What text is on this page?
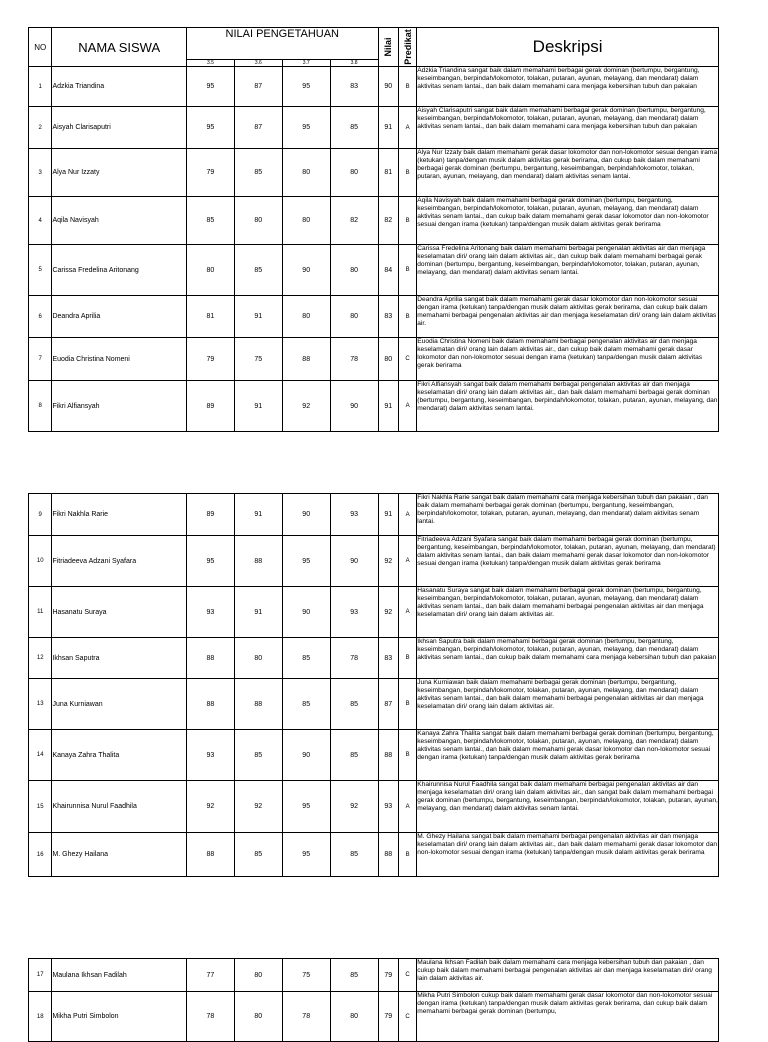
NO	NAMA SISWA	NILAI PENGETAHUAN				Nilai	Predikat	Deskripsi
		3.5	3.6	3.7	3.8			
1	Adzkia Triandina	95	87	95	83	90	B	Adzkia Triandina sangat baik dalam memahami berbagai gerak dominan (bertumpu, bergantung, keseimbangan, berpindah/lokomotor, tolakan, putaran, ayunan, melayang, dan mendarat) dalam aktivitas senam lantai., dan baik dalam memahami cara menjaga kebersihan tubuh dan pakaian
2	Aisyah Clarisaputri	95	87	95	85	91	A	Aisyah Clarisaputri sangat baik dalam memahami berbagai gerak dominan (bertumpu, bergantung, keseimbangan, berpindah/lokomotor, tolakan, putaran, ayunan, melayang, dan mendarat) dalam aktivitas senam lantai., dan baik dalam memahami cara menjaga kebersihan tubuh dan pakaian
3	Alya Nur Izzaty	79	85	80	80	81	B	Alya Nur Izzaty baik dalam memahami gerak dasar lokomotor dan non-lokomotor sesuai dengan irama (ketukan) tanpa/dengan musik dalam aktivitas gerak berirama, dan cukup baik dalam memahami berbagai gerak dominan (bertumpu, bergantung, keseimbangan, berpindah/lokomotor, tolakan, putaran, ayunan, melayang, dan mendarat) dalam aktivitas senam lantai.
4	Aqila Navisyah	85	80	80	82	82	B	Aqila Navisyah baik dalam memahami berbagai gerak dominan (bertumpu, bergantung, keseimbangan, berpindah/lokomotor, tolakan, putaran, ayunan, melayang, dan mendarat) dalam aktivitas senam lantai., dan cukup baik dalam memahami gerak dasar lokomotor dan non-lokomotor sesuai dengan irama (ketukan) tanpa/dengan musik dalam aktivitas gerak berirama
5	Carissa Fredelina Aritonang	80	85	90	80	84	B	Carissa Fredelina Aritonang baik dalam memahami berbagai pengenalan aktivitas air dan menjaga keselamatan diri/ orang lain dalam aktivitas air., dan cukup baik dalam memahami berbagai gerak dominan (bertumpu, bergantung, keseimbangan, berpindah/lokomotor, tolakan, putaran, ayunan, melayang, dan mendarat) dalam aktivitas senam lantai.
6	Deandra Aprilia	81	91	80	80	83	B	Deandra Aprilia sangat baik dalam memahami gerak dasar lokomotor dan non-lokomotor sesuai dengan irama (ketukan) tanpa/dengan musik dalam aktivitas gerak berirama, dan cukup baik dalam memahami berbagai pengenalan aktivitas air dan menjaga keselamatan diri/ orang lain dalam aktivitas air.
7	Euodia Christina Nomeni	79	75	88	78	80	C	Euodia Christina Nomeni baik dalam memahami berbagai pengenalan aktivitas air dan menjaga keselamatan diri/ orang lain dalam aktivitas air., dan cukup baik dalam memahami gerak dasar lokomotor dan non-lokomotor sesuai dengan irama (ketukan) tanpa/dengan musik dalam aktivitas gerak berirama
8	Fikri Alfiansyah	89	91	92	90	91	A	Fikri Alfiansyah sangat baik dalam memahami berbagai pengenalan aktivitas air dan menjaga keselamatan diri/ orang lain dalam aktivitas air., dan baik dalam memahami berbagai gerak dominan (bertumpu, bergantung, keseimbangan, berpindah/lokomotor, tolakan, putaran, ayunan, melayang, dan mendarat) dalam aktivitas senam lantai.
9	Fikri Nakhla Rarie	89	91	90	93	91	A	Fikri Nakhla Rarie sangat baik dalam memahami cara menjaga kebersihan tubuh dan pakaian , dan baik dalam memahami berbagai gerak dominan (bertumpu, bergantung, keseimbangan, berpindah/lokomotor, tolakan, putaran, ayunan, melayang, dan mendarat) dalam aktivitas senam lantai.
10	Fitriadeeva Adzani Syafara	95	88	95	90	92	A	Fitriadeeva Adzani Syafara sangat baik dalam memahami berbagai gerak dominan (bertumpu, bergantung, keseimbangan, berpindah/lokomotor, tolakan, putaran, ayunan, melayang, dan mendarat) dalam aktivitas senam lantai., dan baik dalam memahami gerak dasar lokomotor dan non-lokomotor sesuai dengan irama (ketukan) tanpa/dengan musik dalam aktivitas gerak berirama
11	Hasanatu Suraya	93	91	90	93	92	A	Hasanatu Suraya sangat baik dalam memahami berbagai gerak dominan (bertumpu, bergantung, keseimbangan, berpindah/lokomotor, tolakan, putaran, ayunan, melayang, dan mendarat) dalam aktivitas senam lantai., dan baik dalam memahami berbagai pengenalan aktivitas air dan menjaga keselamatan diri/ orang lain dalam aktivitas air.
12	Ikhsan Saputra	88	80	85	78	83	B	Ikhsan Saputra baik dalam memahami berbagai gerak dominan (bertumpu, bergantung, keseimbangan, berpindah/lokomotor, tolakan, putaran, ayunan, melayang, dan mendarat) dalam aktivitas senam lantai., dan cukup baik dalam memahami cara menjaga kebersihan tubuh dan pakaian
13	Juna Kurniawan	88	88	85	85	87	B	Juna Kurniawan baik dalam memahami berbagai gerak dominan (bertumpu, bergantung, keseimbangan, berpindah/lokomotor, tolakan, putaran, ayunan, melayang, dan mendarat) dalam aktivitas senam lantai., dan baik dalam memahami berbagai pengenalan aktivitas air dan menjaga keselamatan diri/ orang lain dalam aktivitas air.
14	Kanaya Zahra Thalita	93	85	90	85	88	B	Kanaya Zahra Thalita sangat baik dalam memahami berbagai gerak dominan (bertumpu, bergantung, keseimbangan, berpindah/lokomotor, tolakan, putaran, ayunan, melayang, dan mendarat) dalam aktivitas senam lantai., dan baik dalam memahami gerak dasar lokomotor dan non-lokomotor sesuai dengan irama (ketukan) tanpa/dengan musik dalam aktivitas gerak berirama
15	Khairunnisa Nurul Faadhila	92	92	95	92	93	A	Khairunnisa Nurul Faadhila sangat baik dalam memahami berbagai pengenalan aktivitas air dan menjaga keselamatan diri/ orang lain dalam aktivitas air., dan sangat baik dalam memahami berbagai gerak dominan (bertumpu, bergantung, keseimbangan, berpindah/lokomotor, tolakan, putaran, ayunan, melayang, dan mendarat) dalam aktivitas senam lantai.
16	M. Ghezy Hailana	88	85	95	85	88	B	M. Ghezy Hailana sangat baik dalam memahami berbagai pengenalan aktivitas air dan menjaga keselamatan diri/ orang lain dalam aktivitas air., dan baik dalam memahami gerak dasar lokomotor dan non-lokomotor sesuai dengan irama (ketukan) tanpa/dengan musik dalam aktivitas gerak berirama
17	Maulana Ikhsan Fadilah	77	80	75	85	79	C	Maulana Ikhsan Fadilah baik dalam memahami cara menjaga kebersihan tubuh dan pakaian , dan cukup baik dalam memahami berbagai pengenalan aktivitas air dan menjaga keselamatan diri/ orang lain dalam aktivitas air.
18	Mikha Putri Simbolon	78	80	78	80	79	C	Mikha Putri Simbolon cukup baik dalam memahami gerak dasar lokomotor dan non-lokomotor sesuai dengan irama (ketukan) tanpa/dengan musik dalam aktivitas gerak berirama, dan cukup baik dalam memahami berbagai gerak dominan (bertumpu,
